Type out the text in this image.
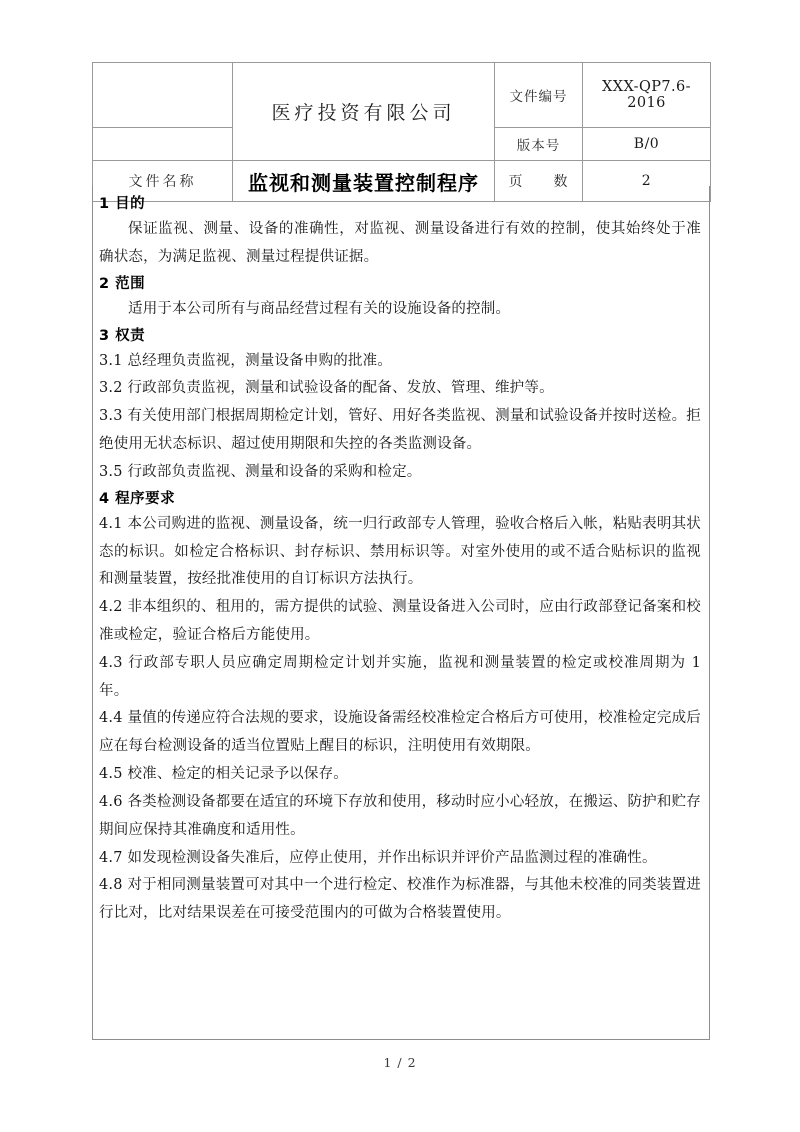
	医疗投资有限公司	文件编号	XXX-QP7.6-2016
		版本号	B/0
文件名称	监视和测量装置控制程序	页　　数	2
1 目的

保证监视、测量、设备的准确性，对监视、测量设备进行有效的控制，使其始终处于准确状态，为满足监视、测量过程提供证据。

2 范围

适用于本公司所有与商品经营过程有关的设施设备的控制。

3 权责

3.1 总经理负责监视，测量设备申购的批准。

3.2 行政部负责监视，测量和试验设备的配备、发放、管理、维护等。

3.3 有关使用部门根据周期检定计划，管好、用好各类监视、测量和试验设备并按时送检。拒绝使用无状态标识、超过使用期限和失控的各类监测设备。

3.5 行政部负责监视、测量和设备的采购和检定。

4 程序要求

4.1 本公司购进的监视、测量设备，统一归行政部专人管理，验收合格后入帐，粘贴表明其状态的标识。如检定合格标识、封存标识、禁用标识等。对室外使用的或不适合贴标识的监视和测量装置，按经批准使用的自订标识方法执行。

4.2 非本组织的、租用的，需方提供的试验、测量设备进入公司时，应由行政部登记备案和校准或检定，验证合格后方能使用。

4.3 行政部专职人员应确定周期检定计划并实施，监视和测量装置的检定或校准周期为 1 年。

4.4 量值的传递应符合法规的要求，设施设备需经校准检定合格后方可使用，校准检定完成后应在每台检测设备的适当位置贴上醒目的标识，注明使用有效期限。

4.5 校准、检定的相关记录予以保存。

4.6 各类检测设备都要在适宜的环境下存放和使用，移动时应小心轻放，在搬运、防护和贮存期间应保持其准确度和适用性。

4.7 如发现检测设备失准后，应停止使用，并作出标识并评价产品监测过程的准确性。

4.8 对于相同测量装置可对其中一个进行检定、校准作为标准器，与其他未校准的同类装置进行比对，比对结果误差在可接受范围内的可做为合格装置使用。

1 / 2
